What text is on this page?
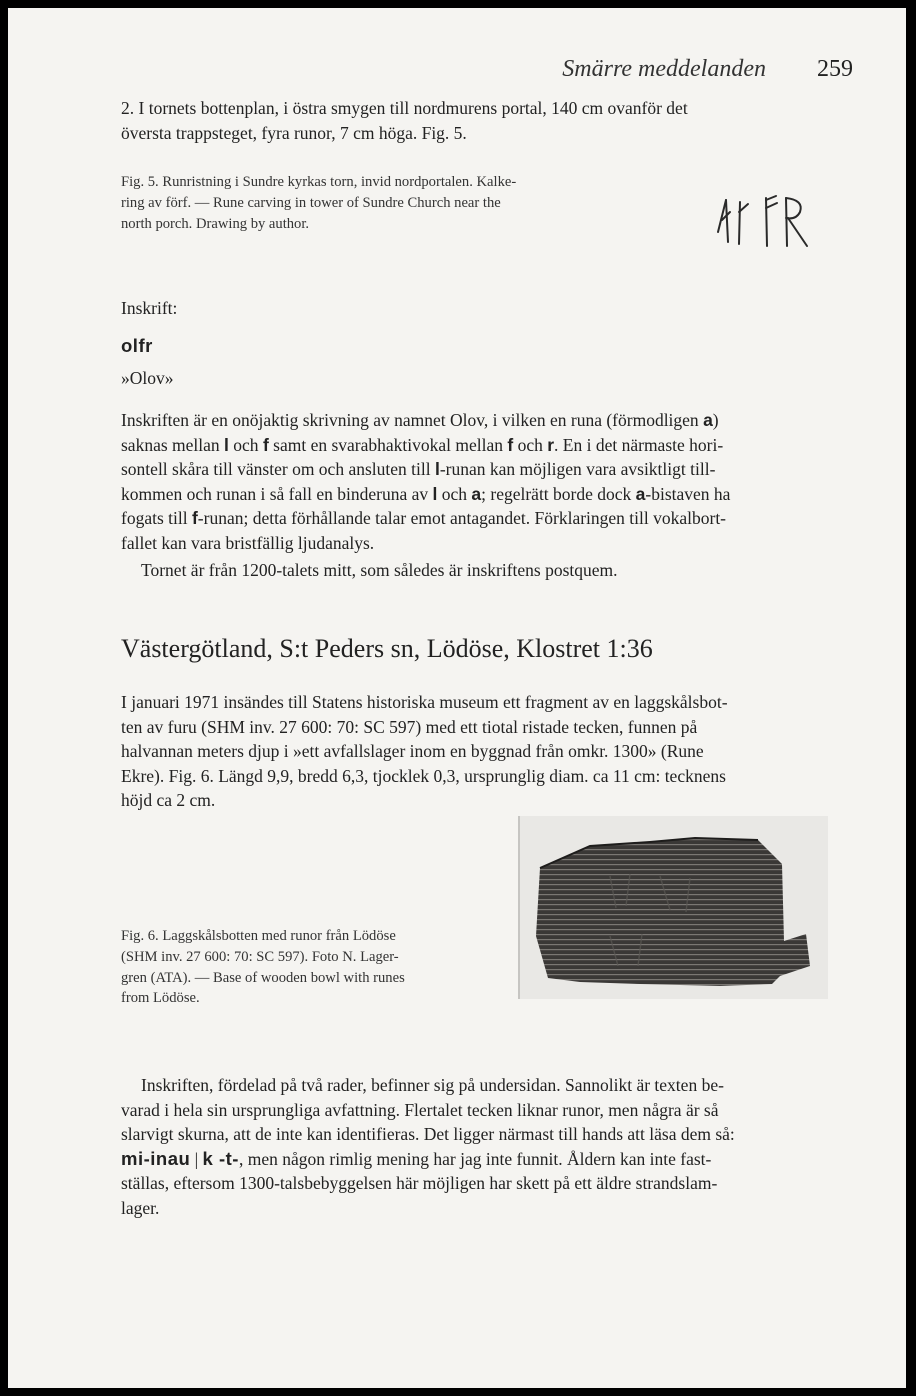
Smärre meddelanden 259
2. I tornets bottenplan, i östra smygen till nordmurens portal, 140 cm ovanför det
översta trappsteget, fyra runor, 7 cm höga. Fig. 5.
Fig. 5. Runristning i Sundre kyrkas torn, invid nordportalen. Kalke-
ring av förf. — Rune carving in tower of Sundre Church near the
north porch. Drawing by author.
Inskrift:
olfr
»Olov»
Inskriften är en onöjaktig skrivning av namnet Olov, i vilken en runa (förmodligen a)
saknas mellan l och f samt en svarabhaktivokal mellan f och r. En i det närmaste hori-
sontell skåra till vänster om och ansluten till l-runan kan möjligen vara avsiktligt till-
kommen och runan i så fall en binderuna av l och a; regelrätt borde dock a-bistaven ha
fogats till f-runan; detta förhållande talar emot antagandet. Förklaringen till vokalbort-
fallet kan vara bristfällig ljudanalys.
Tornet är från 1200-talets mitt, som således är inskriftens postquem.
Västergötland, S:t Peders sn, Lödöse, Klostret 1:36
I januari 1971 insändes till Statens historiska museum ett fragment av en laggskålsbot-
ten av furu (SHM inv. 27 600: 70: SC 597) med ett tiotal ristade tecken, funnen på
halvannan meters djup i »ett avfallslager inom en byggnad från omkr. 1300» (Rune
Ekre). Fig. 6. Längd 9,9, bredd 6,3, tjocklek 0,3, ursprunglig diam. ca 11 cm: tecknens
höjd ca 2 cm.
Fig. 6. Laggskålsbotten med runor från Lödöse
(SHM inv. 27 600: 70: SC 597). Foto N. Lager-
gren (ATA). — Base of wooden bowl with runes
from Lödöse.
Inskriften, fördelad på två rader, befinner sig på undersidan. Sannolikt är texten be-
varad i hela sin ursprungliga avfattning. Flertalet tecken liknar runor, men några är så
slarvigt skurna, att de inte kan identifieras. Det ligger närmast till hands att läsa dem så:
mi-inau | k -t-, men någon rimlig mening har jag inte funnit. Åldern kan inte fast-
ställas, eftersom 1300-talsbebyggelsen här möjligen har skett på ett äldre strandslam-
lager.
